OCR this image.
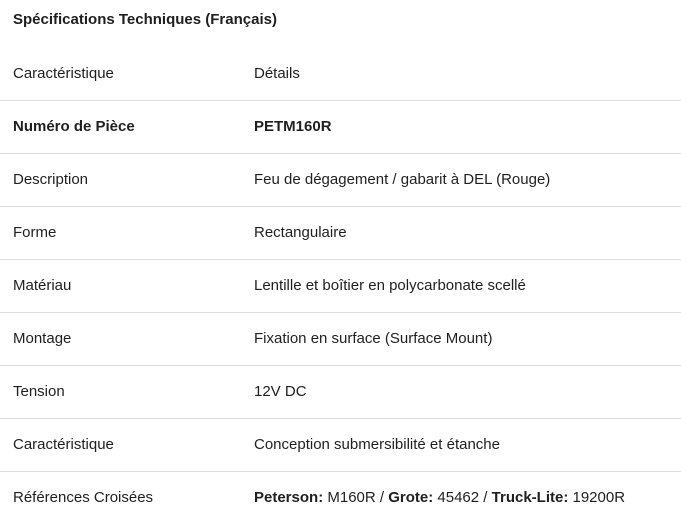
Spécifications Techniques (Français)
Caractéristique	Détails
Numéro de Pièce	PETM160R
Description	Feu de dégagement / gabarit à DEL (Rouge)
Forme	Rectangulaire
Matériau	Lentille et boîtier en polycarbonate scellé
Montage	Fixation en surface (Surface Mount)
Tension	12V DC
Caractéristique	Conception submersibilité et étanche
Références Croisées	Peterson: M160R / Grote: 45462 / Truck-Lite: 19200R
